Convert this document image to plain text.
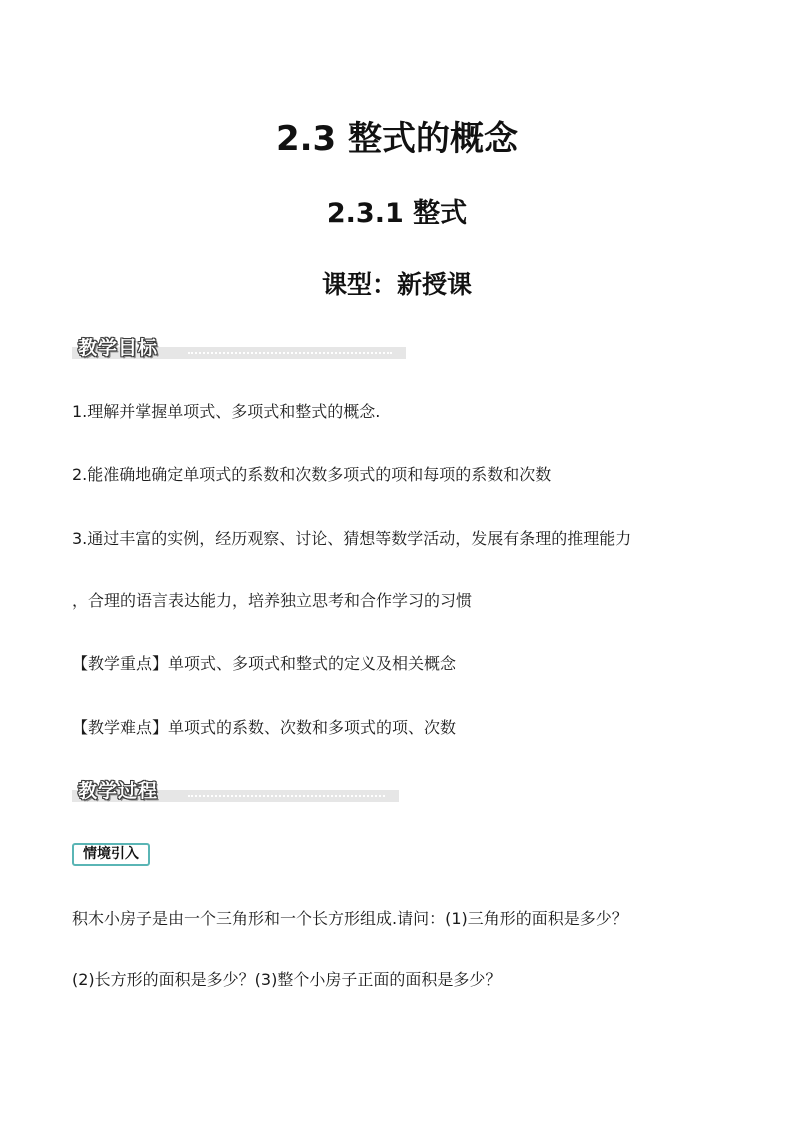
2.3 整式的概念
2.3.1 整式
课型：新授课
教学目标

1.理解并掌握单项式、多项式和整式的概念.

2.能准确地确定单项式的系数和次数多项式的项和每项的系数和次数

3.通过丰富的实例，经历观察、讨论、猜想等数学活动，发展有条理的推理能力

，合理的语言表达能力，培养独立思考和合作学习的习惯

【教学重点】单项式、多项式和整式的定义及相关概念

【教学难点】单项式的系数、次数和多项式的项、次数

教学过程
情境引入

积木小房子是由一个三角形和一个长方形组成.请问：(1)三角形的面积是多少？

(2)长方形的面积是多少？(3)整个小房子正面的面积是多少？
